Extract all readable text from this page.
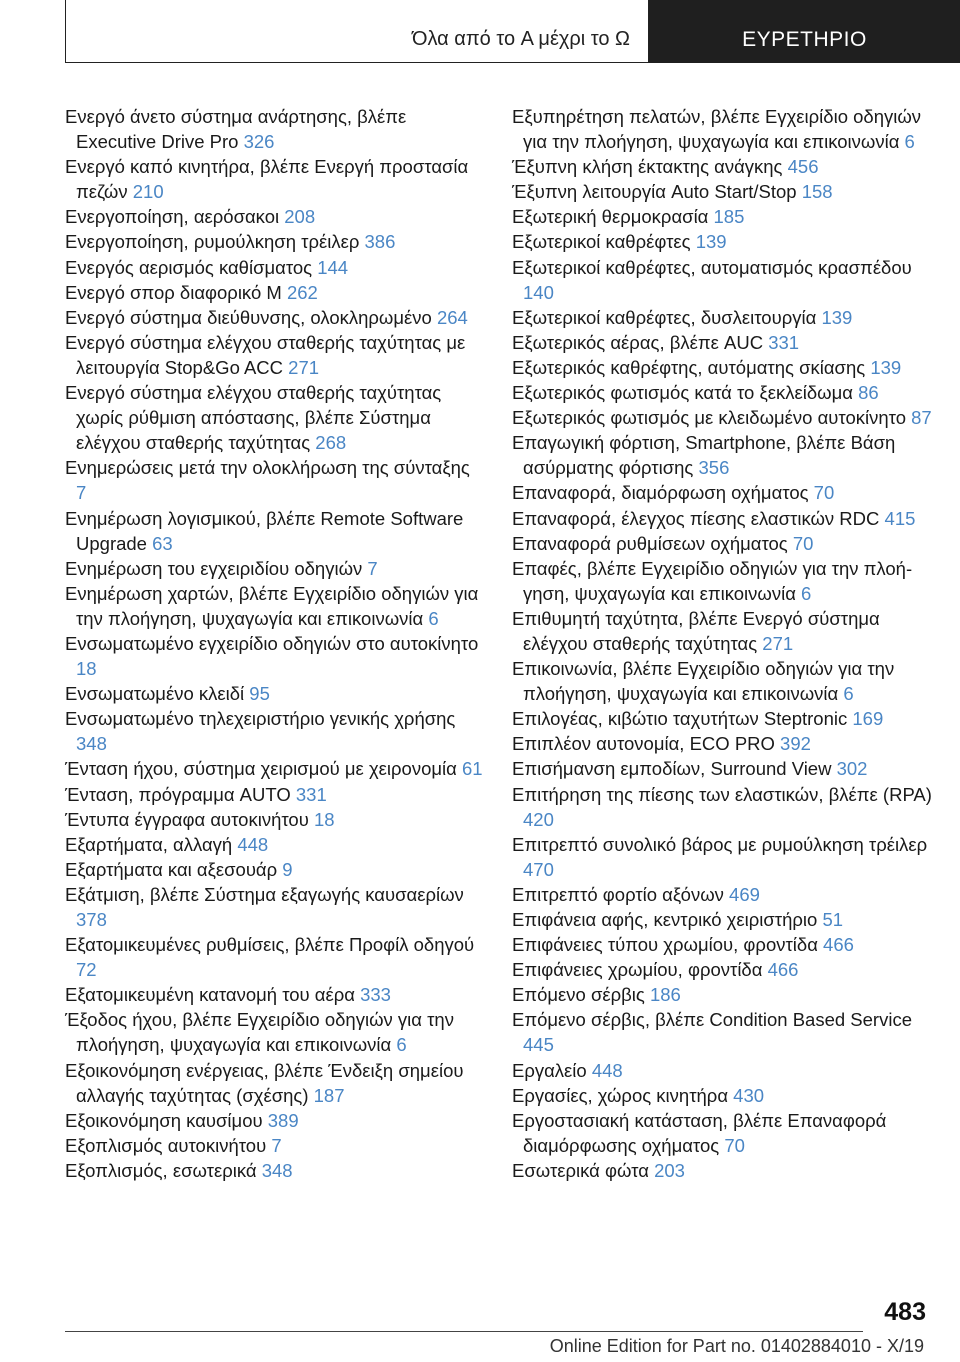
Όλα από το A μέχρι το Ω	ΕΥΡΕΤΗΡΙΟ
Ενεργό άνετο σύστημα ανάρτησης, βλέπε Executive Drive Pro 326
Ενεργό καπό κινητήρα, βλέπε Ενεργή προστασία πεζών 210
Ενεργοποίηση, αερόσακοι 208
Ενεργοποίηση, ρυμούλκηση τρέιλερ 386
Ενεργός αερισμός καθίσματος 144
Ενεργό σπορ διαφορικό M 262
Ενεργό σύστημα διεύθυνσης, ολοκληρωμένο 264
Ενεργό σύστημα ελέγχου σταθερής ταχύτητας με λειτουργία Stop&Go ACC 271
Ενεργό σύστημα ελέγχου σταθερής ταχύτητας χωρίς ρύθμιση απόστασης, βλέπε Σύστημα ελέγχου σταθερής ταχύτητας 268
Ενημερώσεις μετά την ολοκλήρωση της σύνταξης 7
Ενημέρωση λογισμικού, βλέπε Remote Software Upgrade 63
Ενημέρωση του εγχειριδίου οδηγιών 7
Ενημέρωση χαρτών, βλέπε Εγχειρίδιο οδηγιών για την πλοήγηση, ψυχαγωγία και επικοινωνία 6
Ενσωματωμένο εγχειρίδιο οδηγιών στο αυτοκίνητο 18
Ενσωματωμένο κλειδί 95
Ενσωματωμένο τηλεχειριστήριο γενικής χρήσης 348
Ένταση ήχου, σύστημα χειρισμού με χειρονομία 61
Ένταση, πρόγραμμα AUTO 331
Έντυπα έγγραφα αυτοκινήτου 18
Εξαρτήματα, αλλαγή 448
Εξαρτήματα και αξεσουάρ 9
Εξάτμιση, βλέπε Σύστημα εξαγωγής καυσαερίων 378
Εξατομικευμένες ρυθμίσεις, βλέπε Προφίλ οδηγού 72
Εξατομικευμένη κατανομή του αέρα 333
Έξοδος ήχου, βλέπε Εγχειρίδιο οδηγιών για την πλοήγηση, ψυχαγωγία και επικοινωνία 6
Εξοικονόμηση ενέργειας, βλέπε Ένδειξη σημείου αλλαγής ταχύτητας (σχέσης) 187
Εξοικονόμηση καυσίμου 389
Εξοπλισμός αυτοκινήτου 7
Εξοπλισμός, εσωτερικά 348
Εξυπηρέτηση πελατών, βλέπε Εγχειρίδιο οδηγιών για την πλοήγηση, ψυχαγωγία και επικοινωνία 6
Έξυπνη κλήση έκτακτης ανάγκης 456
Έξυπνη λειτουργία Auto Start/Stop 158
Εξωτερική θερμοκρασία 185
Εξωτερικοί καθρέφτες 139
Εξωτερικοί καθρέφτες, αυτοματισμός κρασπέδου 140
Εξωτερικοί καθρέφτες, δυσλειτουργία 139
Εξωτερικός αέρας, βλέπε AUC 331
Εξωτερικός καθρέφτης, αυτόματης σκίασης 139
Εξωτερικός φωτισμός κατά το ξεκλείδωμα 86
Εξωτερικός φωτισμός με κλειδωμένο αυτοκίνητο 87
Επαγωγική φόρτιση, Smartphone, βλέπε Βάση ασύρματης φόρτισης 356
Επαναφορά, διαμόρφωση οχήματος 70
Επαναφορά, έλεγχος πίεσης ελαστικών RDC 415
Επαναφορά ρυθμίσεων οχήματος 70
Επαφές, βλέπε Εγχειρίδιο οδηγιών για την πλοήγηση, ψυχαγωγία και επικοινωνία 6
Επιθυμητή ταχύτητα, βλέπε Ενεργό σύστημα ελέγχου σταθερής ταχύτητας 271
Επικοινωνία, βλέπε Εγχειρίδιο οδηγιών για την πλοήγηση, ψυχαγωγία και επικοινωνία 6
Επιλογέας, κιβώτιο ταχυτήτων Steptronic 169
Επιπλέον αυτονομία, ECO PRO 392
Επισήμανση εμποδίων, Surround View 302
Επιτήρηση της πίεσης των ελαστικών, βλέπε (RPA) 420
Επιτρεπτό συνολικό βάρος με ρυμούλκηση τρέιλερ 470
Επιτρεπτό φορτίο αξόνων 469
Επιφάνεια αφής, κεντρικό χειριστήριο 51
Επιφάνειες τύπου χρωμίου, φροντίδα 466
Επιφάνειες χρωμίου, φροντίδα 466
Επόμενο σέρβις 186
Επόμενο σέρβις, βλέπε Condition Based Service 445
Εργαλείο 448
Εργασίες, χώρος κινητήρα 430
Εργοστασιακή κατάσταση, βλέπε Επαναφορά διαμόρφωσης οχήματος 70
Εσωτερικά φώτα 203
483
Online Edition for Part no. 01402884010 - X/19
